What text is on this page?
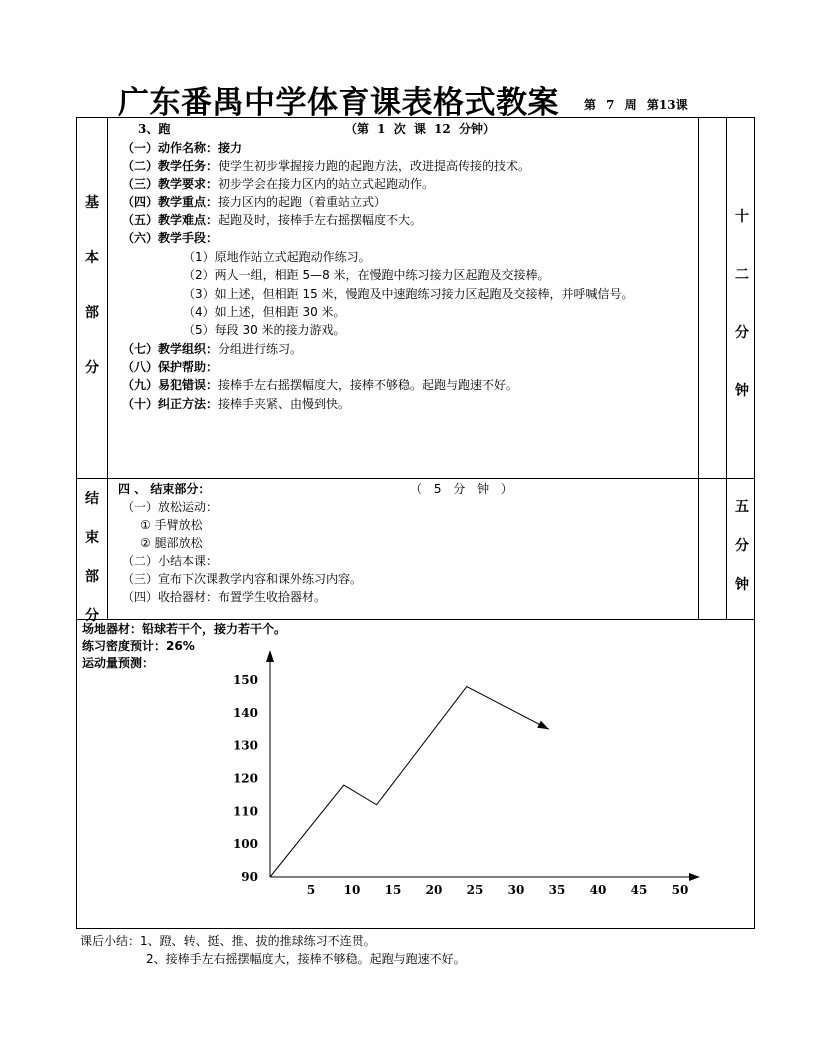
广东番禺中学体育课表格式教案 第 7 周 第13课
基
本
部
分
十
二
分
钟
3、跑	（第 1 次 课 12 分钟）
（一）动作名称：接力
（二）教学任务：使学生初步掌握接力跑的起跑方法，改进提高传接的技术。
（三）教学要求：初步学会在接力区内的站立式起跑动作。
（四）教学重点：接力区内的起跑（着重站立式）
（五）教学难点：起跑及时，接棒手左右摇摆幅度不大。
（六）教学手段：
（1）原地作站立式起跑动作练习。
（2）两人一组，相距 5—8 米，在慢跑中练习接力区起跑及交接棒。
（3）如上述，但相距 15 米，慢跑及中速跑练习接力区起跑及交接棒，并呼喊信号。
（4）如上述，但相距 30 米。
（5）每段 30 米的接力游戏。
（七）教学组织：分组进行练习。
（八）保护帮助：
（九）易犯错误：接棒手左右摇摆幅度大，接棒不够稳。起跑与跑速不好。
（十）纠正方法：接棒手夹紧、由慢到快。
结
束
部
分
五
分
钟
四 、 结束部分：	（ 5 分 钟 ）
（一）放松运动：
① 手臂放松
② 腿部放松
（二）小结本课：
（三）宣布下次课教学内容和课外练习内容。
（四）收拾器材：布置学生收拾器材。
场地器材：铅球若干个，接力若干个。
练习密度预计：26%
运动量预测：
90
100
110
120
130
140
150
5 10 15 20 25 30 35 40 45 50
课后小结：1、蹬、转、挺、推、拔的推球练习不连贯。
2、接棒手左右摇摆幅度大，接棒不够稳。起跑与跑速不好。
